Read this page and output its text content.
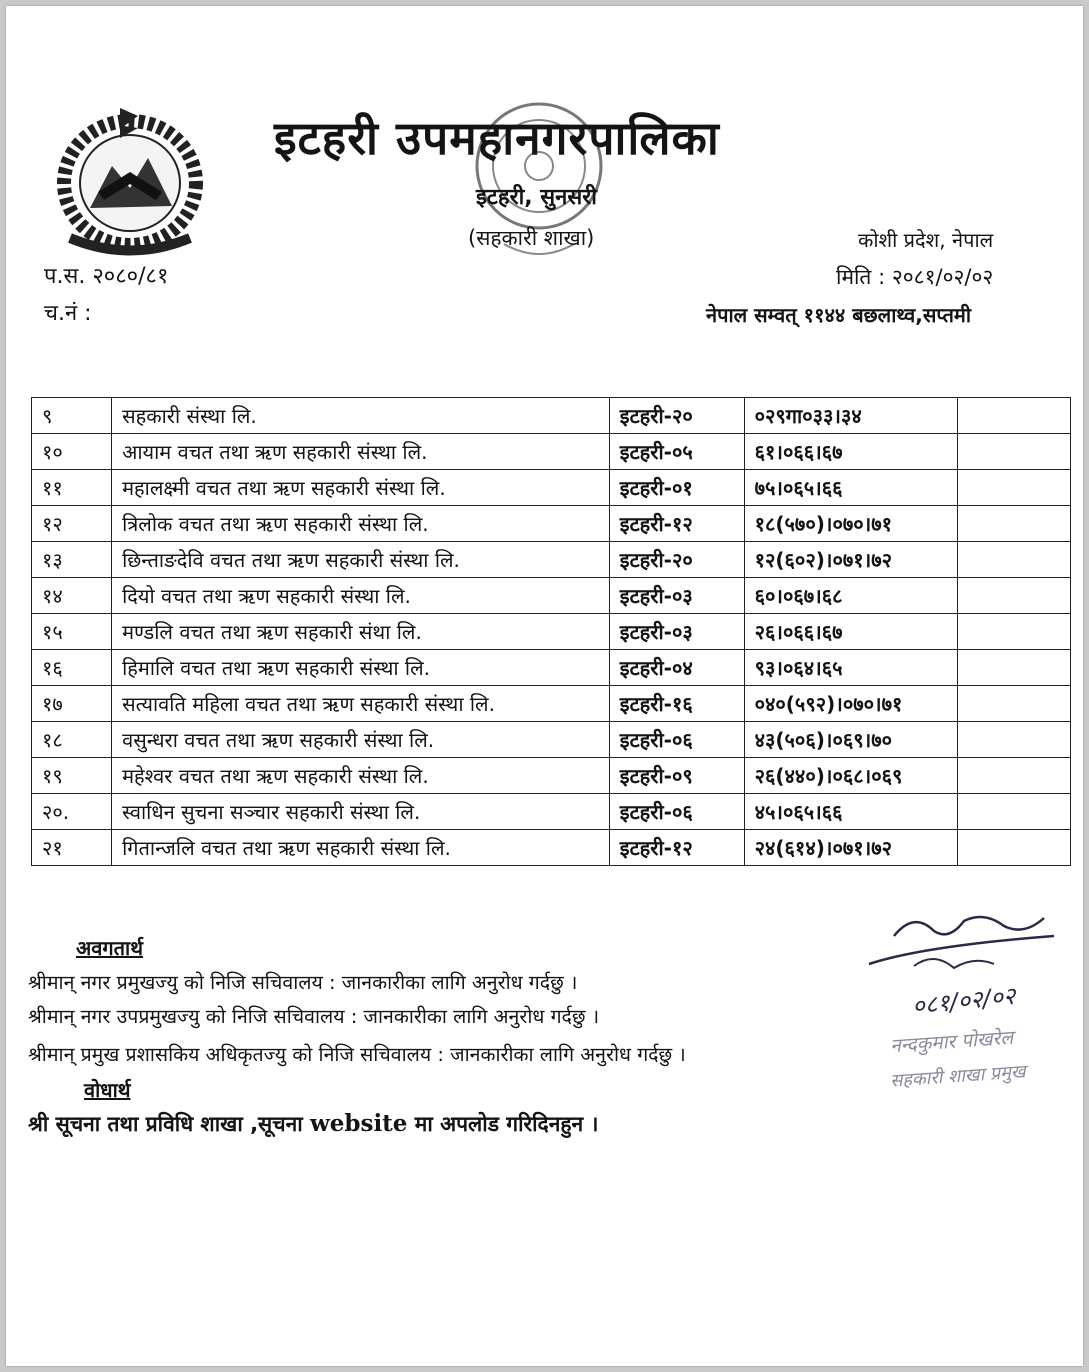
इटहरी उपमहानगरपालिका
इटहरी, सुनसरी
(सहकारी शाखा)	कोशी प्रदेश, नेपाल
प.स. २०८०/८१	मिति : २०८१/०२/०२
च.नं :	नेपाल सम्वत् ११४४ बछलाथ्व,सप्तमी
९	सहकारी संस्था लि.	इटहरी-२०	०२९गा०३३।३४	
१०	आयाम वचत तथा ऋण सहकारी संस्था लि.	इटहरी-०५	६१।०६६।६७	
११	महालक्ष्मी वचत तथा ऋण सहकारी संस्था लि.	इटहरी-०१	७५।०६५।६६	
१२	त्रिलोक वचत तथा ऋण सहकारी संस्था लि.	इटहरी-१२	१८(५७०)।०७०।७१	
१३	छिन्ताङदेवि वचत तथा ऋण सहकारी संस्था लि.	इटहरी-२०	१२(६०२)।०७१।७२	
१४	दियो वचत तथा ऋण सहकारी संस्था लि.	इटहरी-०३	६०।०६७।६८	
१५	मण्डलि वचत तथा ऋण सहकारी संथा लि.	इटहरी-०३	२६।०६६।६७	
१६	हिमालि वचत तथा ऋण सहकारी संस्था लि.	इटहरी-०४	९३।०६४।६५	
१७	सत्यावति महिला वचत तथा ऋण सहकारी संस्था लि.	इटहरी-१६	०४०(५९२)।०७०।७१	
१८	वसुन्धरा वचत तथा ऋण सहकारी संस्था लि.	इटहरी-०६	४३(५०६)।०६९।७०	
१९	महेश्वर वचत तथा ऋण सहकारी संस्था लि.	इटहरी-०९	२६(४४०)।०६८।०६९	
२०.	स्वाधिन सुचना सञ्चार सहकारी संस्था लि.	इटहरी-०६	४५।०६५।६६	
२१	गितान्जलि वचत तथा ऋण सहकारी संस्था लि.	इटहरी-१२	२४(६१४)।०७१।७२	
अवगतार्थ
श्रीमान् नगर प्रमुखज्यु को निजि सचिवालय : जानकारीका लागि अनुरोध गर्दछु ।
श्रीमान् नगर उपप्रमुखज्यु को निजि सचिवालय : जानकारीका लागि अनुरोध गर्दछु ।
श्रीमान् प्रमुख प्रशासकिय अधिकृतज्यु को निजि सचिवालय : जानकारीका लागि अनुरोध गर्दछु ।
वोधार्थ
श्री सूचना तथा प्रविधि शाखा ,सूचना website मा अपलोड गरिदिनहुन ।
०८१/०२/०२
नन्दकुमार पोखरेल
सहकारी शाखा प्रमुख
